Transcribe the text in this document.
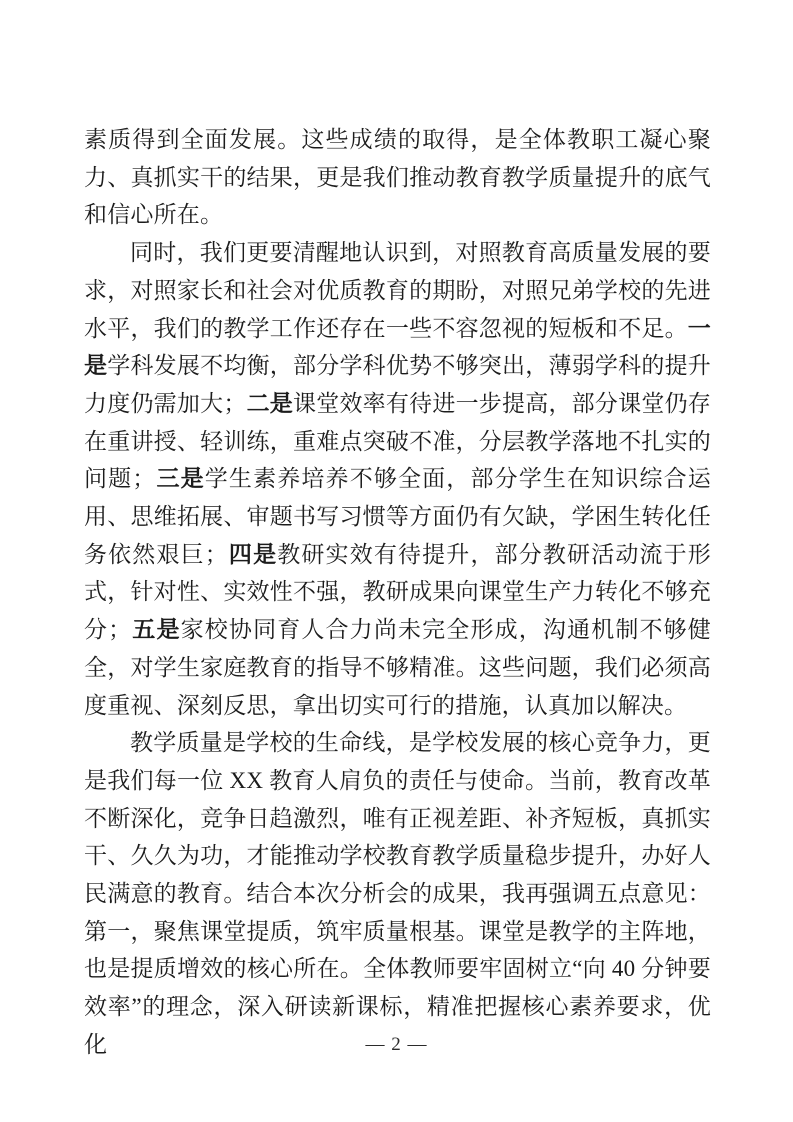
素质得到全面发展。这些成绩的取得，是全体教职工凝心聚力、真抓实干的结果，更是我们推动教育教学质量提升的底气和信心所在。

同时，我们更要清醒地认识到，对照教育高质量发展的要求，对照家长和社会对优质教育的期盼，对照兄弟学校的先进水平，我们的教学工作还存在一些不容忽视的短板和不足。一是学科发展不均衡，部分学科优势不够突出，薄弱学科的提升力度仍需加大；二是课堂效率有待进一步提高，部分课堂仍存在重讲授、轻训练，重难点突破不准，分层教学落地不扎实的问题；三是学生素养培养不够全面，部分学生在知识综合运用、思维拓展、审题书写习惯等方面仍有欠缺，学困生转化任务依然艰巨；四是教研实效有待提升，部分教研活动流于形式，针对性、实效性不强，教研成果向课堂生产力转化不够充分；五是家校协同育人合力尚未完全形成，沟通机制不够健全，对学生家庭教育的指导不够精准。这些问题，我们必须高度重视、深刻反思，拿出切实可行的措施，认真加以解决。

教学质量是学校的生命线，是学校发展的核心竞争力，更是我们每一位 XX 教育人肩负的责任与使命。当前，教育改革不断深化，竞争日趋激烈，唯有正视差距、补齐短板，真抓实干、久久为功，才能推动学校教育教学质量稳步提升，办好人民满意的教育。结合本次分析会的成果，我再强调五点意见：第一，聚焦课堂提质，筑牢质量根基。课堂是教学的主阵地，也是提质增效的核心所在。全体教师要牢固树立“向 40 分钟要效率”的理念，深入研读新课标，精准把握核心素养要求，优化	— 2 —
